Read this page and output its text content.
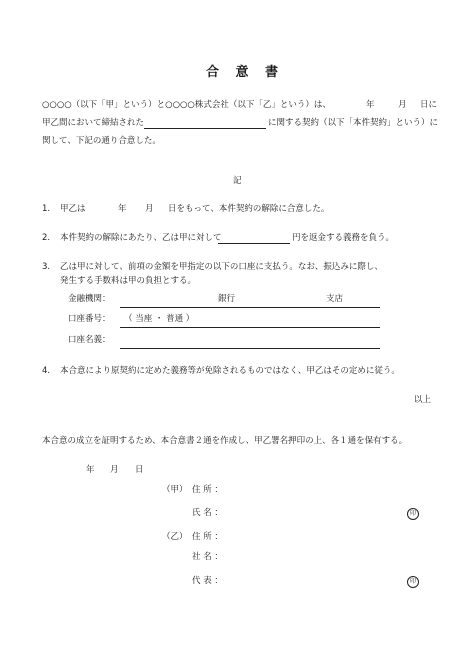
合 意 書
○○○○（以下「甲」という）と○○○○株式会社（以下「乙」という）は、	年	月 日に
甲乙間において締結された	に関する契約（以下「本件契約」という）に
関して、下記の通り合意した。
記
1. 甲乙は	年 月 日をもって、本件契約の解除に合意した。
2. 本件契約の解除にあたり、乙は甲に対して	円を返金する義務を負う。
3. 乙は甲に対して、前項の金額を甲指定の以下の口座に支払う。なお、振込みに際し、
発生する手数料は甲の負担とする。
金融機関：	銀行	支店
口座番号： （ 当座 ・ 普通 ）
口座名義：
4. 本合意により原契約に定めた義務等が免除されるものではなく、甲乙はその定めに従う。
以上
本合意の成立を証明するため、本合意書２通を作成し、甲乙署名押印の上、各１通を保有する。
年 月 日
（甲） 住 所 ：
氏 名 ：	印
（乙） 住 所 ：
社 名 ：
代 表 ：	印
